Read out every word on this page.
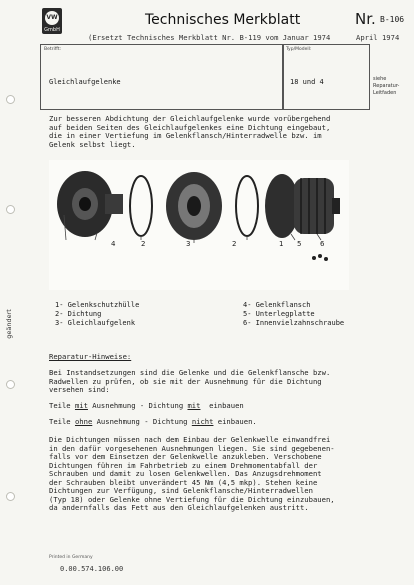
VW
GmbH
Technisches Merkblatt	Nr. B-106
(Ersetzt Technisches Merkblatt Nr. B-119 vom Januar 1974	April 1974
Betrifft:	Typ/Modell:
Gleichlaufgelenke	18 und 4	siehe
Reparatur-
Leitfaden
Zur besseren Abdichtung der Gleichlaufgelenke wurde vorübergehend
auf beiden Seiten des Gleichlaufgelenkes eine Dichtung eingebaut,
die in einer Vertiefung im Gelenkflansch/Hinterradwelle bzw. im
Gelenk selbst liegt.
4	2	3	2	1 5	6
1- Gelenkschutzhülle
2- Dichtung
3- Gleichlaufgelenk
4- Gelenkflansch
5- Unterlegplatte
6- Innenvielzahnschraube
geändert
Reparatur-Hinweise:
Bei Instandsetzungen sind die Gelenke und die Gelenkflansche bzw.
Radwellen zu prüfen, ob sie mit der Ausnehmung für die Dichtung
versehen sind:
Teile mit Ausnehmung - Dichtung mit  einbauen
Teile ohne Ausnehmung - Dichtung nicht einbauen.
Die Dichtungen müssen nach dem Einbau der Gelenkwelle einwandfrei
in den dafür vorgesehenen Ausnehmungen liegen. Sie sind gegebenen-
falls vor dem Einsetzen der Gelenkwelle anzukleben. Verschobene
Dichtungen führen im Fahrbetrieb zu einem Drehmomentabfall der
Schrauben und damit zu losen Gelenkwellen. Das Anzugsdrehmoment
der Schrauben bleibt unverändert 45 Nm (4,5 mkp). Stehen keine
Dichtungen zur Verfügung, sind Gelenkflansche/Hinterradwellen
(Typ 18) oder Gelenke ohne Vertiefung für die Dichtung einzubauen,
da andernfalls das Fett aus den Gleichlaufgelenken austritt.
Printed in Germany
0.00.574.106.00
